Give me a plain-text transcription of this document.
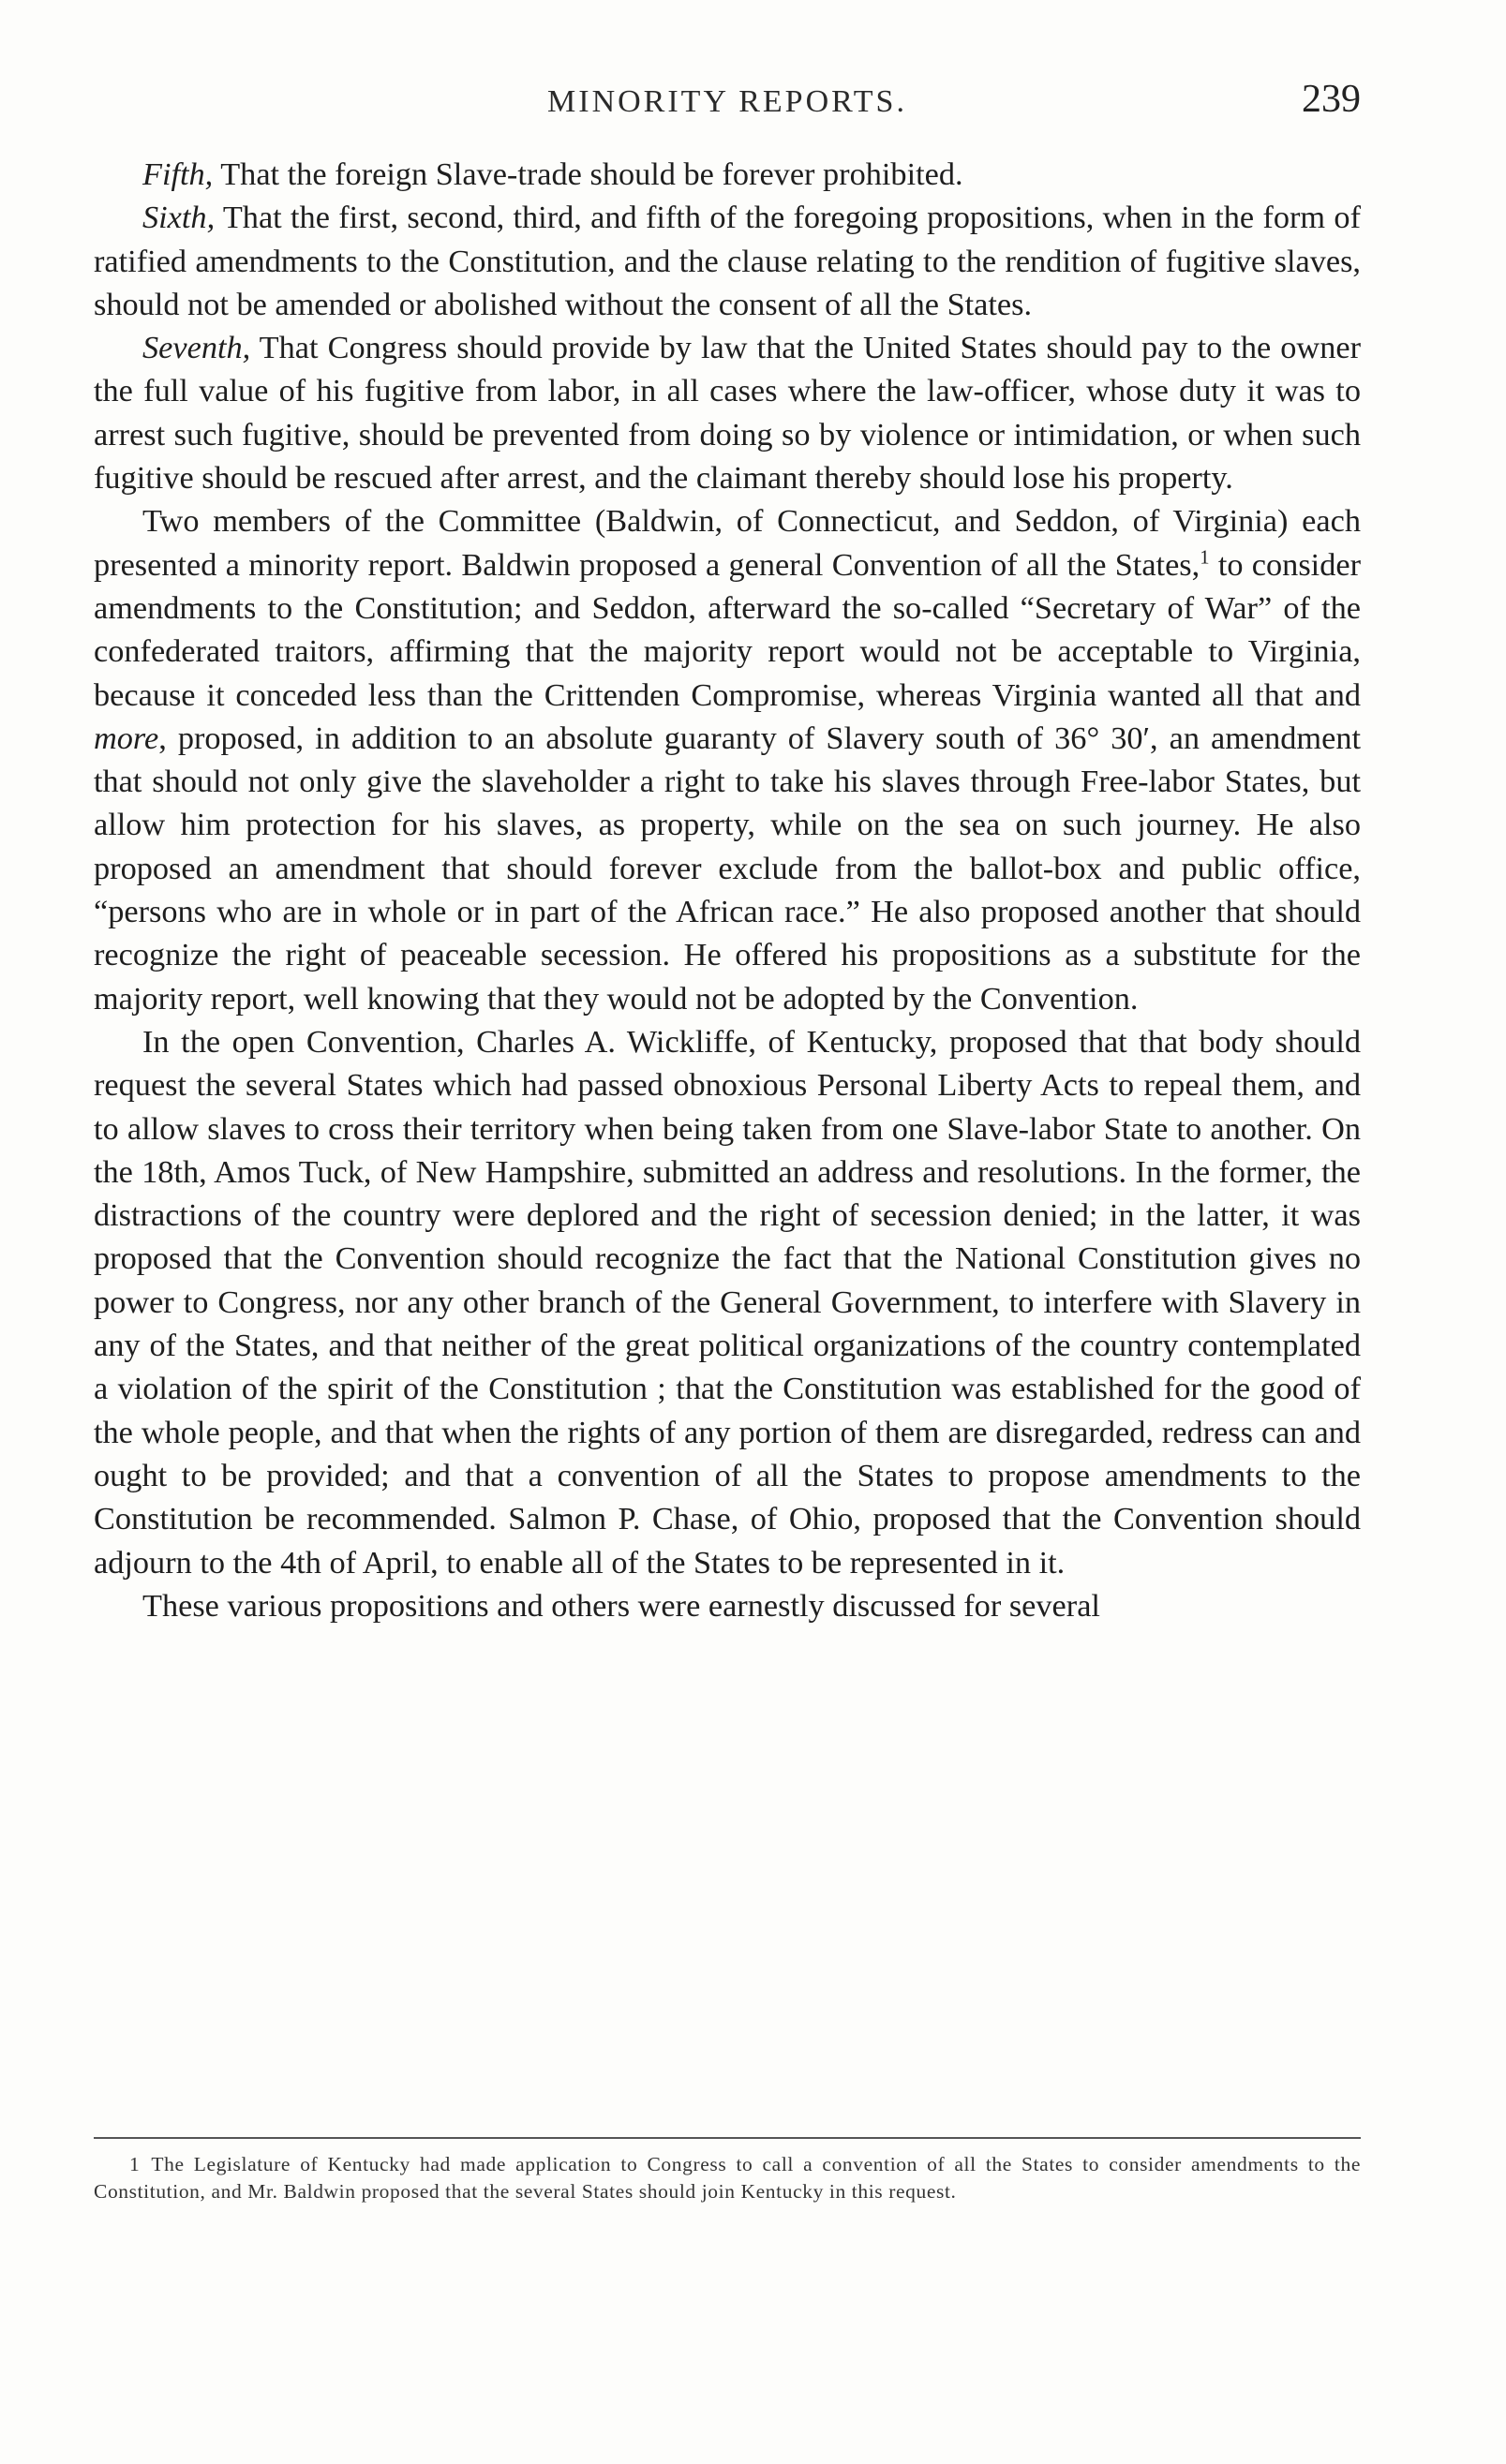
MINORITY REPORTS.	239

Fifth, That the foreign Slave-trade should be forever prohibited.

Sixth, That the first, second, third, and fifth of the foregoing propositions, when in the form of ratified amendments to the Constitution, and the clause relating to the rendition of fugitive slaves, should not be amended or abolished without the consent of all the States.

Seventh, That Congress should provide by law that the United States should pay to the owner the full value of his fugitive from labor, in all cases where the law-officer, whose duty it was to arrest such fugitive, should be prevented from doing so by violence or intimidation, or when such fugitive should be rescued after arrest, and the claimant thereby should lose his property.

Two members of the Committee (Baldwin, of Connecticut, and Seddon, of Virginia) each presented a minority report. Baldwin proposed a general Convention of all the States,$^1$ to consider amendments to the Constitution; and Seddon, afterward the so-called “Secretary of War” of the confederated traitors, affirming that the majority report would not be acceptable to Virginia, because it conceded less than the Crittenden Compromise, whereas Virginia wanted all that and more, proposed, in addition to an absolute guaranty of Slavery south of 36° 30′, an amendment that should not only give the slaveholder a right to take his slaves through Free-labor States, but allow him protection for his slaves, as property, while on the sea on such journey. He also proposed an amendment that should forever exclude from the ballot-box and public office, “persons who are in whole or in part of the African race.” He also proposed another that should recognize the right of peaceable secession. He offered his propositions as a substitute for the majority report, well knowing that they would not be adopted by the Convention.

In the open Convention, Charles A. Wickliffe, of Kentucky, proposed that that body should request the several States which had passed obnoxious Personal Liberty Acts to repeal them, and to allow slaves to cross their territory when being taken from one Slave-labor State to another. On the 18th, Amos Tuck, of New Hampshire, submitted an address and resolutions. In the former, the distractions of the country were deplored and the right of secession denied; in the latter, it was proposed that the Convention should recognize the fact that the National Constitution gives no power to Congress, nor any other branch of the General Government, to interfere with Slavery in any of the States, and that neither of the great political organizations of the country contemplated a violation of the spirit of the Constitution ; that the Constitution was established for the good of the whole people, and that when the rights of any portion of them are disregarded, redress can and ought to be provided; and that a convention of all the States to propose amendments to the Constitution be recommended. Salmon P. Chase, of Ohio, proposed that the Convention should adjourn to the 4th of April, to enable all of the States to be represented in it.

These various propositions and others were earnestly discussed for several

1 The Legislature of Kentucky had made application to Congress to call a convention of all the States to consider amendments to the Constitution, and Mr. Baldwin proposed that the several States should join Kentucky in this request.
